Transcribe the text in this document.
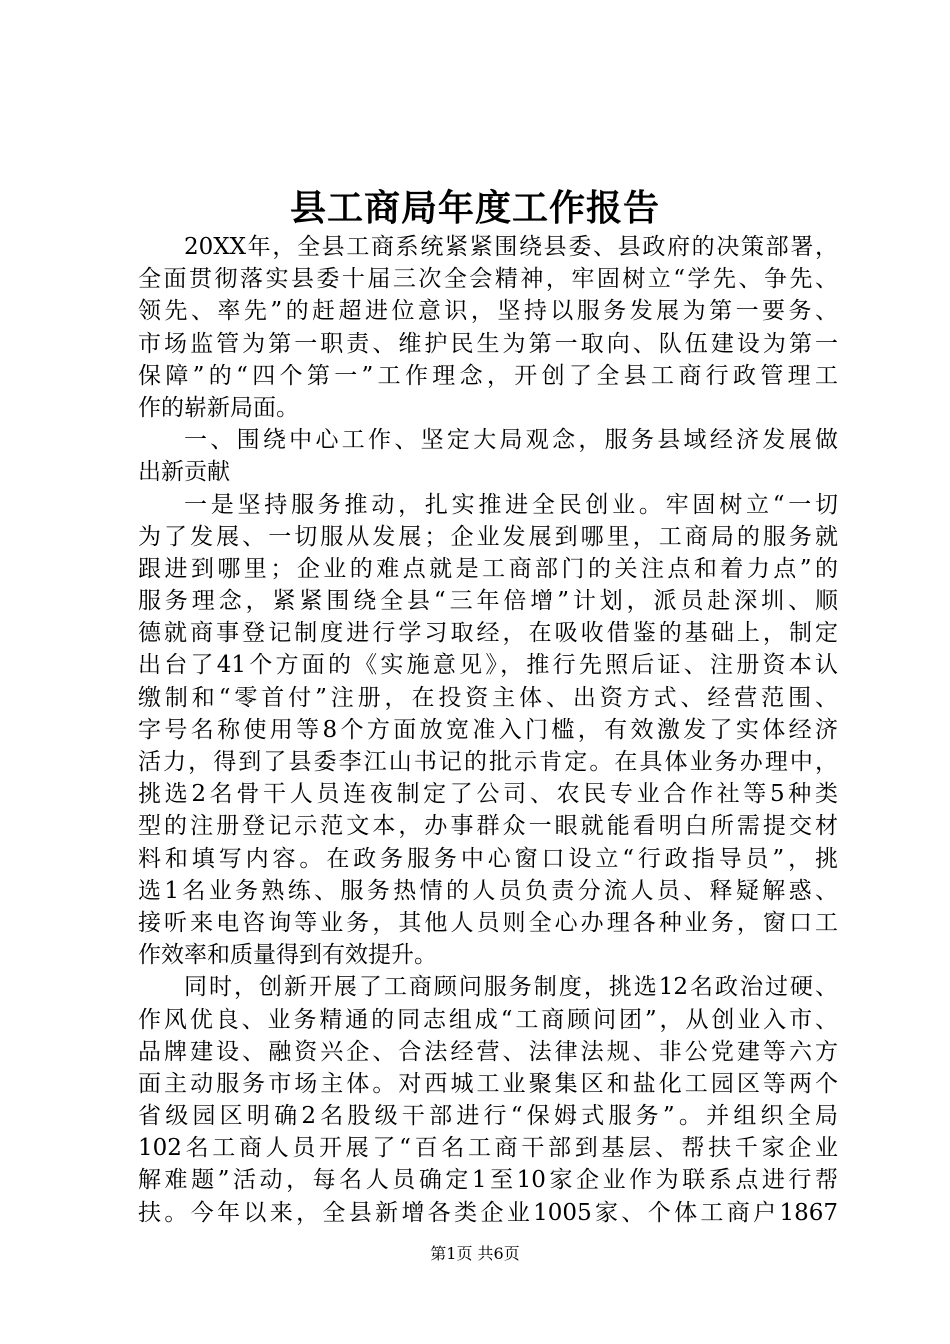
县工商局年度工作报告
20XX年，全县工商系统紧紧围绕县委、县政府的决策部署，
全面贯彻落实县委十届三次全会精神，牢固树立“学先、争先、
领先、率先”的赶超进位意识，坚持以服务发展为第一要务、
市场监管为第一职责、维护民生为第一取向、队伍建设为第一
保障”的“四个第一”工作理念，开创了全县工商行政管理工
作的崭新局面。
一、围绕中心工作、坚定大局观念，服务县域经济发展做
出新贡献
一是坚持服务推动，扎实推进全民创业。牢固树立“一切
为了发展、一切服从发展；企业发展到哪里，工商局的服务就
跟进到哪里；企业的难点就是工商部门的关注点和着力点”的
服务理念，紧紧围绕全县“三年倍增”计划，派员赴深圳、顺
德就商事登记制度进行学习取经，在吸收借鉴的基础上，制定
出台了41个方面的《实施意见》，推行先照后证、注册资本认
缴制和“零首付”注册，在投资主体、出资方式、经营范围、
字号名称使用等8个方面放宽准入门槛，有效激发了实体经济
活力，得到了县委李江山书记的批示肯定。在具体业务办理中，
挑选2名骨干人员连夜制定了公司、农民专业合作社等5种类
型的注册登记示范文本，办事群众一眼就能看明白所需提交材
料和填写内容。在政务服务中心窗口设立“行政指导员”，挑
选1名业务熟练、服务热情的人员负责分流人员、释疑解惑、
接听来电咨询等业务，其他人员则全心办理各种业务，窗口工
作效率和质量得到有效提升。
同时，创新开展了工商顾问服务制度，挑选12名政治过硬、
作风优良、业务精通的同志组成“工商顾问团”，从创业入市、
品牌建设、融资兴企、合法经营、法律法规、非公党建等六方
面主动服务市场主体。对西城工业聚集区和盐化工园区等两个
省级园区明确2名股级干部进行“保姆式服务”。并组织全局
102名工商人员开展了“百名工商干部到基层、帮扶千家企业
解难题”活动，每名人员确定1至10家企业作为联系点进行帮
扶。今年以来，全县新增各类企业1005家、个体工商户1867
第1页 共6页
